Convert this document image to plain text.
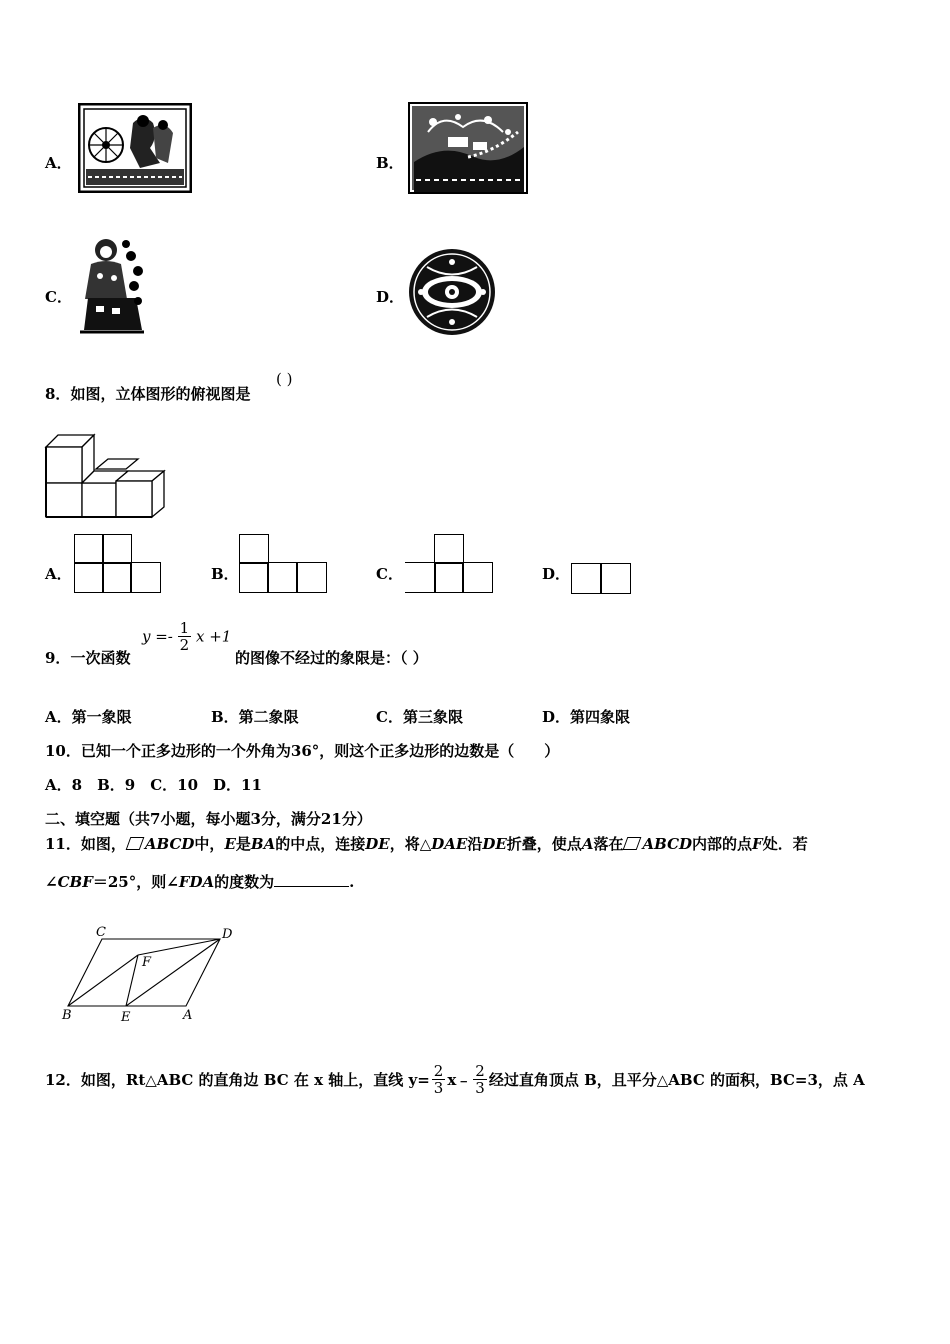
A．	B．
C．	D．
8．如图，立体图形的俯视图是
( )
A．	B．	C．	D．
9．一次函数
$y =- \frac{1}{2}$ x +1
的图像不经过的象限是：（ ）
A．第一象限	B．第二象限	C．第三象限	D．第四象限
10．已知一个正多边形的一个外角为36°，则这个正多边形的边数是（　　）
A．8　B．9　C．10　D．11
二、填空题（共7小题，每小题3分，满分21分）
11．如图， ABCD中，E是BA的中点，连接DE，将△DAE沿DE折叠，使点A落在 ABCD内部的点F处．若
∠CBF＝25°，则∠FDA的度数为	.
C	D
F
B	E	A
12．如图，Rt△ABC 的直角边 BC 在 x 轴上，直线 $y= \frac{2}{3}$ x﹣ $\frac{2}{3}$ 经过直角顶点 B，且平分△ABC 的面积，BC=3，点 A
